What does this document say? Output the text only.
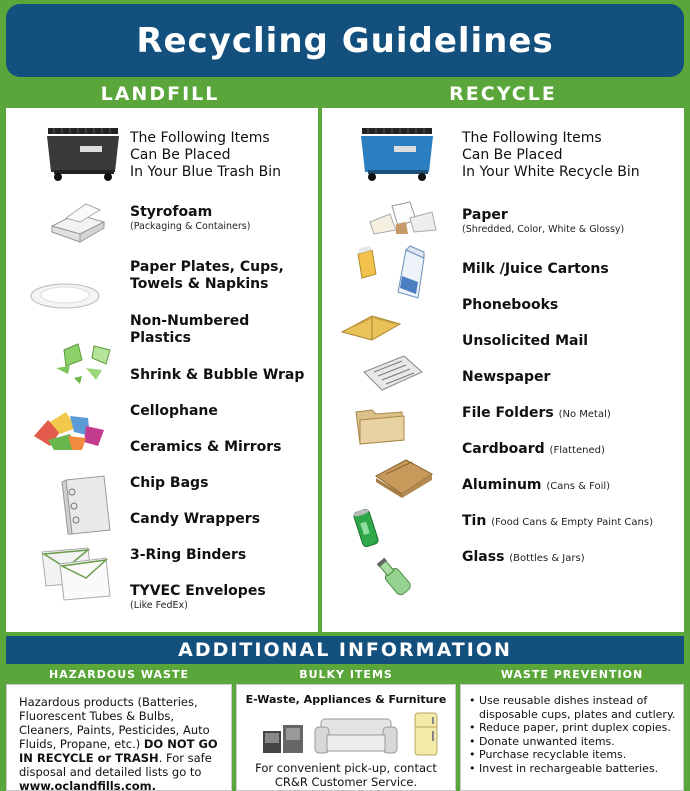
Recycling Guidelines
LANDFILL	RECYCLE
The Following Items
Can Be Placed
In Your Blue Trash Bin
Styrofoam
(Packaging & Containers)
Paper Plates, Cups,
Towels & Napkins
Non-Numbered
Plastics
Shrink & Bubble Wrap
Cellophane
Ceramics & Mirrors
Chip Bags
Candy Wrappers
3-Ring Binders
TYVEC Envelopes
(Like FedEx)
The Following Items
Can Be Placed
In Your White Recycle Bin
Paper
(Shredded, Color, White & Glossy)
Milk /Juice Cartons
Phonebooks
Unsolicited Mail
Newspaper
File Folders (No Metal)
Cardboard (Flattened)
Aluminum (Cans & Foil)
Tin (Food Cans & Empty Paint Cans)
Glass (Bottles & Jars)
ADDITIONAL INFORMATION
HAZARDOUS WASTE	BULKY ITEMS	WASTE PREVENTION

Hazardous products (Batteries, Fluorescent Tubes & Bulbs, Cleaners, Paints, Pesticides, Auto Fluids, Propane, etc.) DO NOT GO IN RECYCLE or TRASH. For safe disposal and detailed lists go to www.oclandfills.com.

E-Waste, Appliances & Furniture

For convenient pick-up, contact CR&R Customer Service.

• Use reusable dishes instead of disposable cups, plates and cutlery.
• Reduce paper, print duplex copies.
• Donate unwanted items.
• Purchase recyclable items.
• Invest in rechargeable batteries.
